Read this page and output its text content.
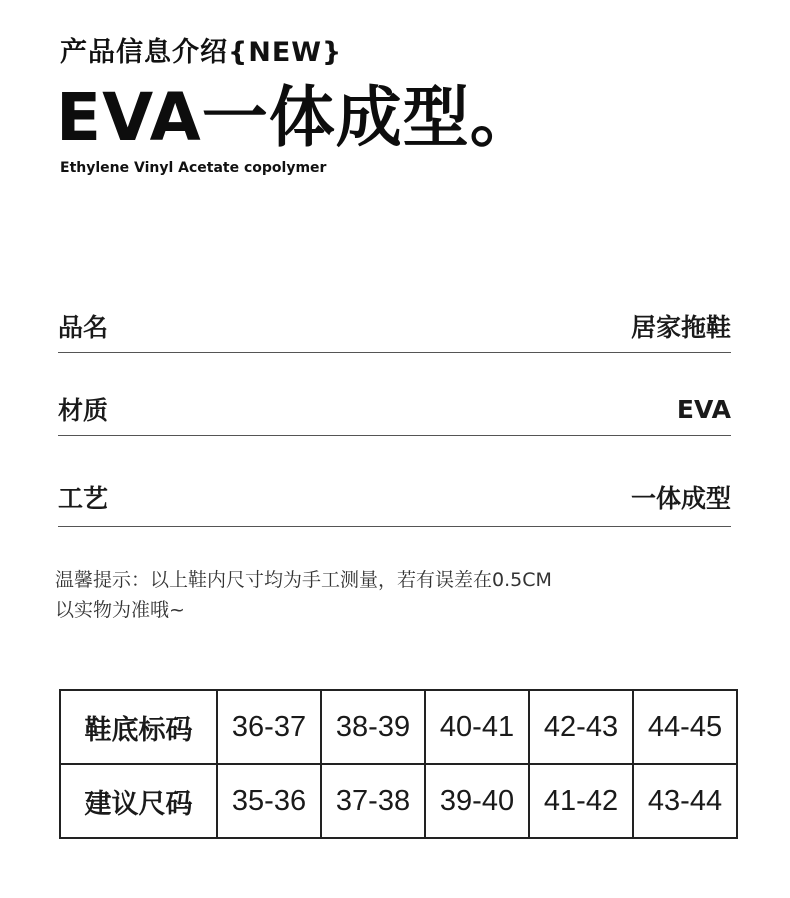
产品信息介绍{NEW}
EVA一体成型。
Ethylene Vinyl Acetate copolymer
品名	居家拖鞋
材质	EVA
工艺	一体成型
温馨提示：以上鞋内尺寸均为手工测量，若有误差在0.5CM
以实物为准哦~
鞋底标码	36-37	38-39	40-41	42-43	44-45
建议尺码	35-36	37-38	39-40	41-42	43-44
